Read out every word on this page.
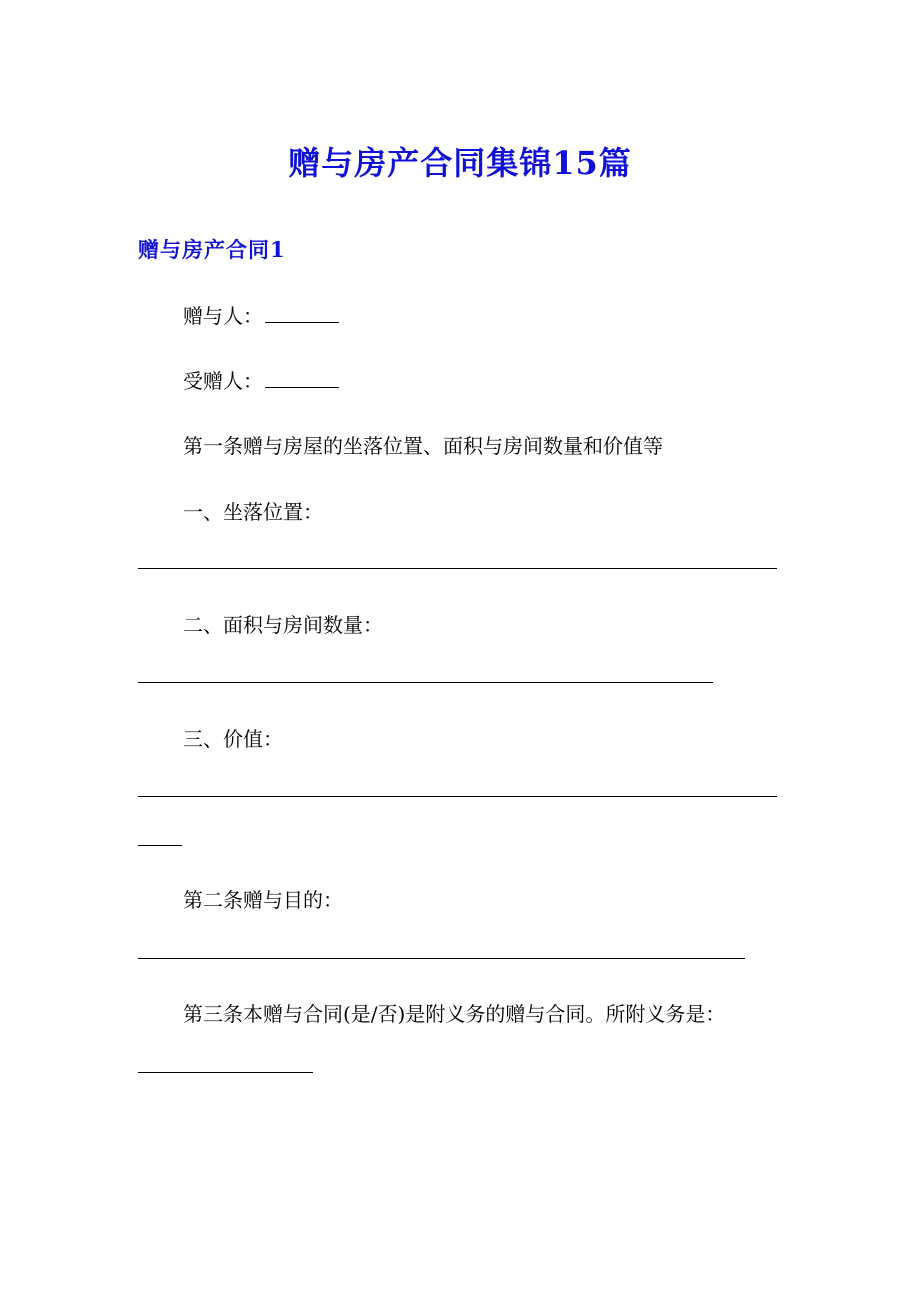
赠与房产合同集锦15篇
赠与房产合同1
赠与人：
受赠人：
第一条赠与房屋的坐落位置、面积与房间数量和价值等
一、坐落位置：
二、面积与房间数量：
三、价值：
第二条赠与目的：
第三条本赠与合同(是/否)是附义务的赠与合同。所附义务是：
